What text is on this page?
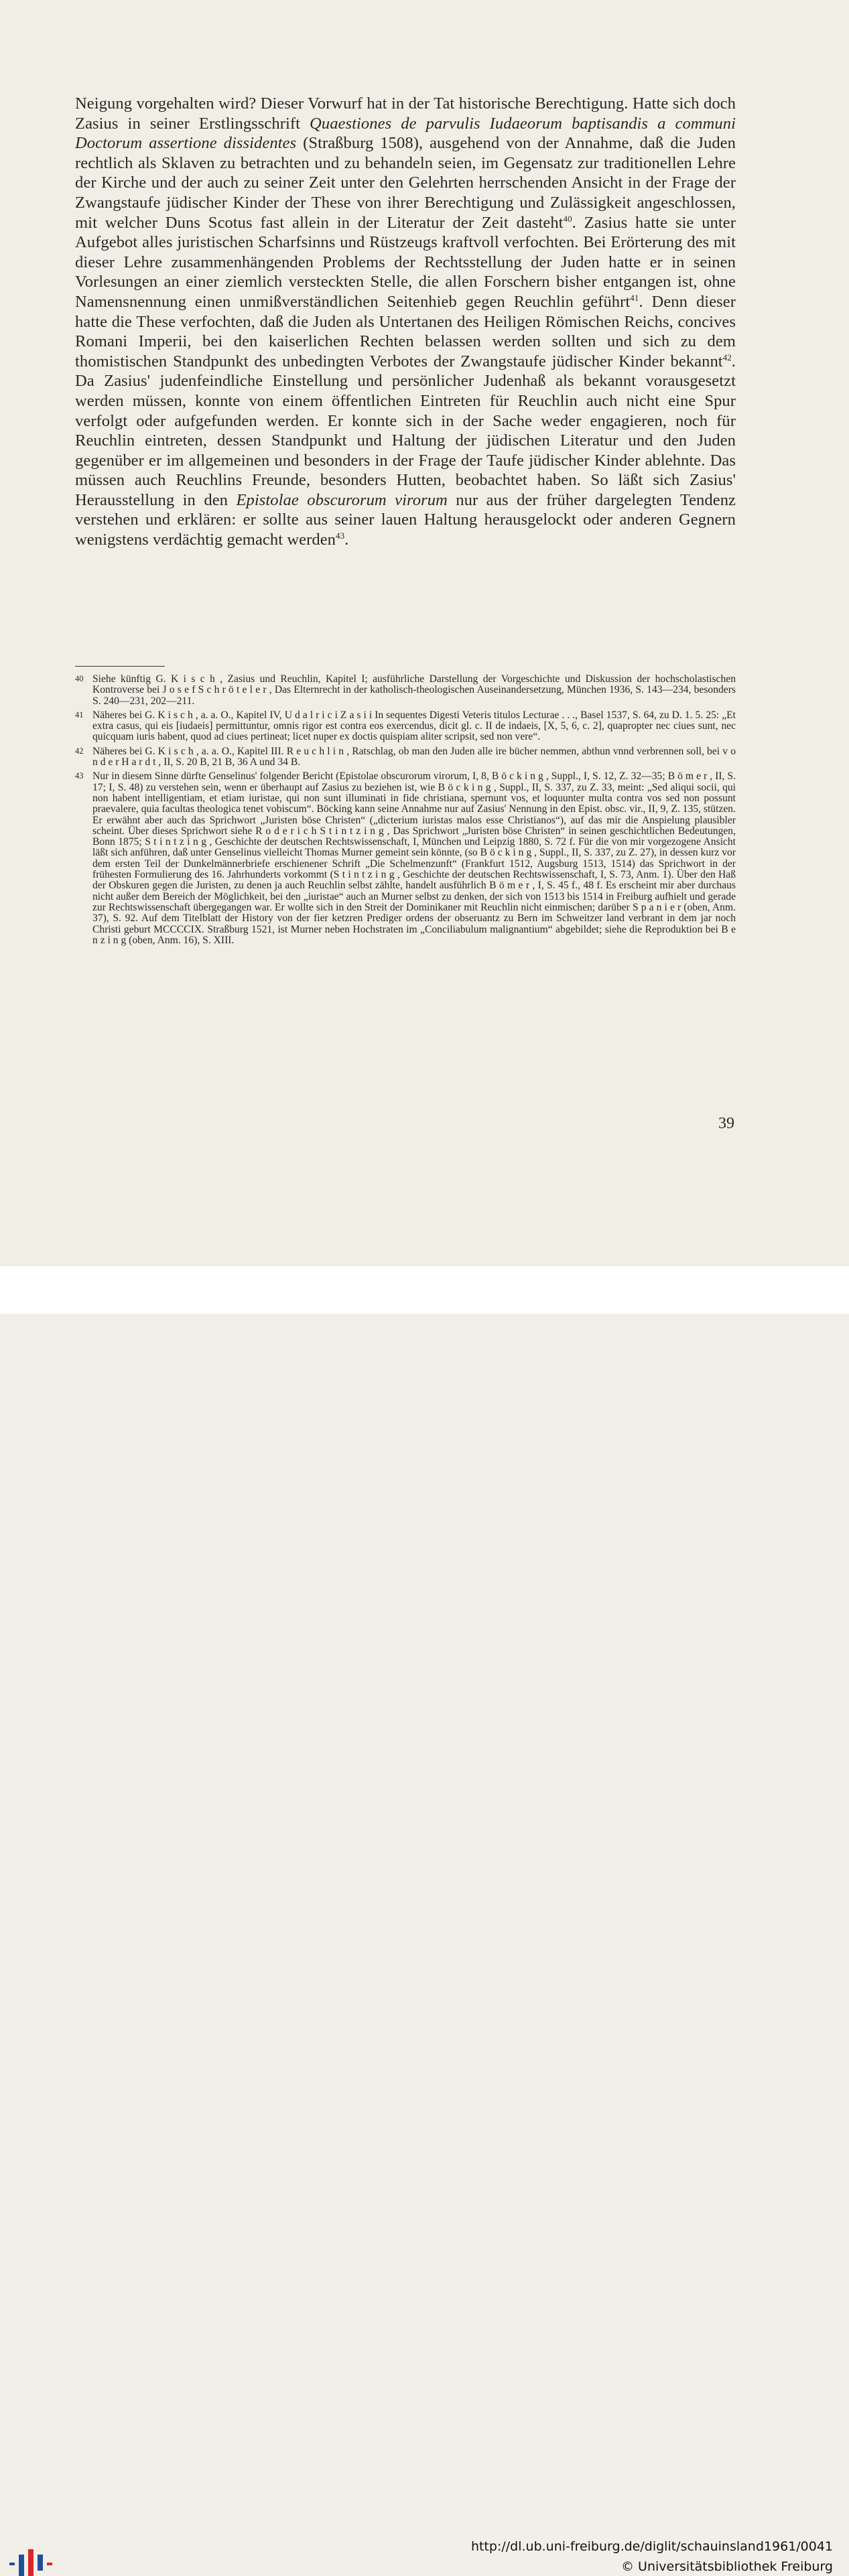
Neigung vorgehalten wird? Dieser Vorwurf hat in der Tat historische Berechtigung. Hatte sich doch Zasius in seiner Erstlingsschrift Quaestiones de parvulis Iudaeorum baptisandis a communi Doctorum assertione dissidentes (Straßburg 1508), ausgehend von der Annahme, daß die Juden rechtlich als Sklaven zu betrachten und zu behandeln seien, im Gegensatz zur traditionellen Lehre der Kirche und der auch zu seiner Zeit unter den Gelehrten herrschenden Ansicht in der Frage der Zwangstaufe jüdischer Kinder der These von ihrer Berechtigung und Zulässigkeit angeschlossen, mit welcher Duns Scotus fast allein in der Literatur der Zeit dasteht$^{40}$. Zasius hatte sie unter Aufgebot alles juristischen Scharfsinns und Rüstzeugs kraftvoll verfochten. Bei Erörterung des mit dieser Lehre zusammenhängenden Problems der Rechtsstellung der Juden hatte er in seinen Vorlesungen an einer ziemlich versteckten Stelle, die allen Forschern bisher entgangen ist, ohne Namensnennung einen unmißverständlichen Seitenhieb gegen Reuchlin geführt$^{41}$. Denn dieser hatte die These verfochten, daß die Juden als Untertanen des Heiligen Römischen Reichs, concives Romani Imperii, bei den kaiserlichen Rechten belassen werden sollten und sich zu dem thomistischen Standpunkt des unbedingten Verbotes der Zwangstaufe jüdischer Kinder bekannt$^{42}$. Da Zasius' judenfeindliche Einstellung und persönlicher Judenhaß als bekannt vorausgesetzt werden müssen, konnte von einem öffentlichen Eintreten für Reuchlin auch nicht eine Spur verfolgt oder aufgefunden werden. Er konnte sich in der Sache weder engagieren, noch für Reuchlin eintreten, dessen Standpunkt und Haltung der jüdischen Literatur und den Juden gegenüber er im allgemeinen und besonders in der Frage der Taufe jüdischer Kinder ablehnte. Das müssen auch Reuchlins Freunde, besonders Hutten, beobachtet haben. So läßt sich Zasius' Herausstellung in den Epistolae obscurorum virorum nur aus der früher dargelegten Tendenz verstehen und erklären: er sollte aus seiner lauen Haltung herausgelockt oder anderen Gegnern wenigstens verdächtig gemacht werden$^{43}$.

40 Siehe künftig G. K i s c h , Zasius und Reuchlin, Kapitel I; ausführliche Darstellung der Vorgeschichte und Diskussion der hochscholastischen Kontroverse bei J o s e f S c h r ö t e l e r , Das Elternrecht in der katholisch-theologischen Auseinandersetzung, München 1936, S. 143—234, besonders S. 240—231, 202—211.
41 Näheres bei G. K i s c h , a. a. O., Kapitel IV, U d a l r i c i Z a s i i In sequentes Digesti Veteris titulos Lecturae . . ., Basel 1537, S. 64, zu D. 1. 5. 25: „Et extra casus, qui eis [iudaeis] permittuntur, omnis rigor est contra eos exercendus, dicit gl. c. II de indaeis, [X, 5, 6, c. 2], quapropter nec ciues sunt, nec quicquam iuris habent, quod ad ciues pertineat; licet nuper ex doctis quispiam aliter scripsit, sed non vere“.
42 Näheres bei G. K i s c h , a. a. O., Kapitel III. R e u c h l i n , Ratschlag, ob man den Juden alle ire bücher nemmen, abthun vnnd verbrennen soll, bei v o n d e r H a r d t , II, S. 20 B, 21 B, 36 A und 34 B.
43 Nur in diesem Sinne dürfte Genselinus' folgender Bericht (Epistolae obscurorum virorum, I, 8, B ö c k i n g , Suppl., I, S. 12, Z. 32—35; B ö m e r , II, S. 17; I, S. 48) zu verstehen sein, wenn er überhaupt auf Zasius zu beziehen ist, wie B ö c k i n g , Suppl., II, S. 337, zu Z. 33, meint: „Sed aliqui socii, qui non habent intelligentiam, et etiam iuristae, qui non sunt illuminati in fide christiana, spernunt vos, et loquunter multa contra vos sed non possunt praevalere, quia facultas theologica tenet vobiscum“. Böcking kann seine Annahme nur auf Zasius' Nennung in den Epist. obsc. vir., II, 9, Z. 135, stützen. Er erwähnt aber auch das Sprichwort „Juristen böse Christen“ („dicterium iuristas malos esse Christianos“), auf das mir die Anspielung plausibler scheint. Über dieses Sprichwort siehe R o d e r i c h S t i n t z i n g , Das Sprichwort „Juristen böse Christen“ in seinen geschichtlichen Bedeutungen, Bonn 1875; S t i n t z i n g , Geschichte der deutschen Rechtswissenschaft, I, München und Leipzig 1880, S. 72 f. Für die von mir vorgezogene Ansicht läßt sich anführen, daß unter Genselinus vielleicht Thomas Murner gemeint sein könnte, (so B ö c k i n g , Suppl., II, S. 337, zu Z. 27), in dessen kurz vor dem ersten Teil der Dunkelmännerbriefe erschienener Schrift „Die Schelmenzunft“ (Frankfurt 1512, Augsburg 1513, 1514) das Sprichwort in der frühesten Formulierung des 16. Jahrhunderts vorkommt (S t i n t z i n g , Geschichte der deutschen Rechtswissenschaft, I, S. 73, Anm. 1). Über den Haß der Obskuren gegen die Juristen, zu denen ja auch Reuchlin selbst zählte, handelt ausführlich B ö m e r , I, S. 45 f., 48 f. Es erscheint mir aber durchaus nicht außer dem Bereich der Möglichkeit, bei den „iuristae“ auch an Murner selbst zu denken, der sich von 1513 bis 1514 in Freiburg aufhielt und gerade zur Rechtswissenschaft übergegangen war. Er wollte sich in den Streit der Dominikaner mit Reuchlin nicht einmischen; darüber S p a n i e r (oben, Anm. 37), S. 92. Auf dem Titelblatt der History von der fier ketzren Prediger ordens der obseruantz zu Bern im Schweitzer land verbrant in dem jar noch Christi geburt MCCCCIX. Straßburg 1521, ist Murner neben Hochstraten im „Conciliabulum malignantium“ abgebildet; siehe die Reproduktion bei B e n z i n g (oben, Anm. 16), S. XIII.
39
http://dl.ub.uni-freiburg.de/diglit/schauinsland1961/0041
© Universitätsbibliothek Freiburg
